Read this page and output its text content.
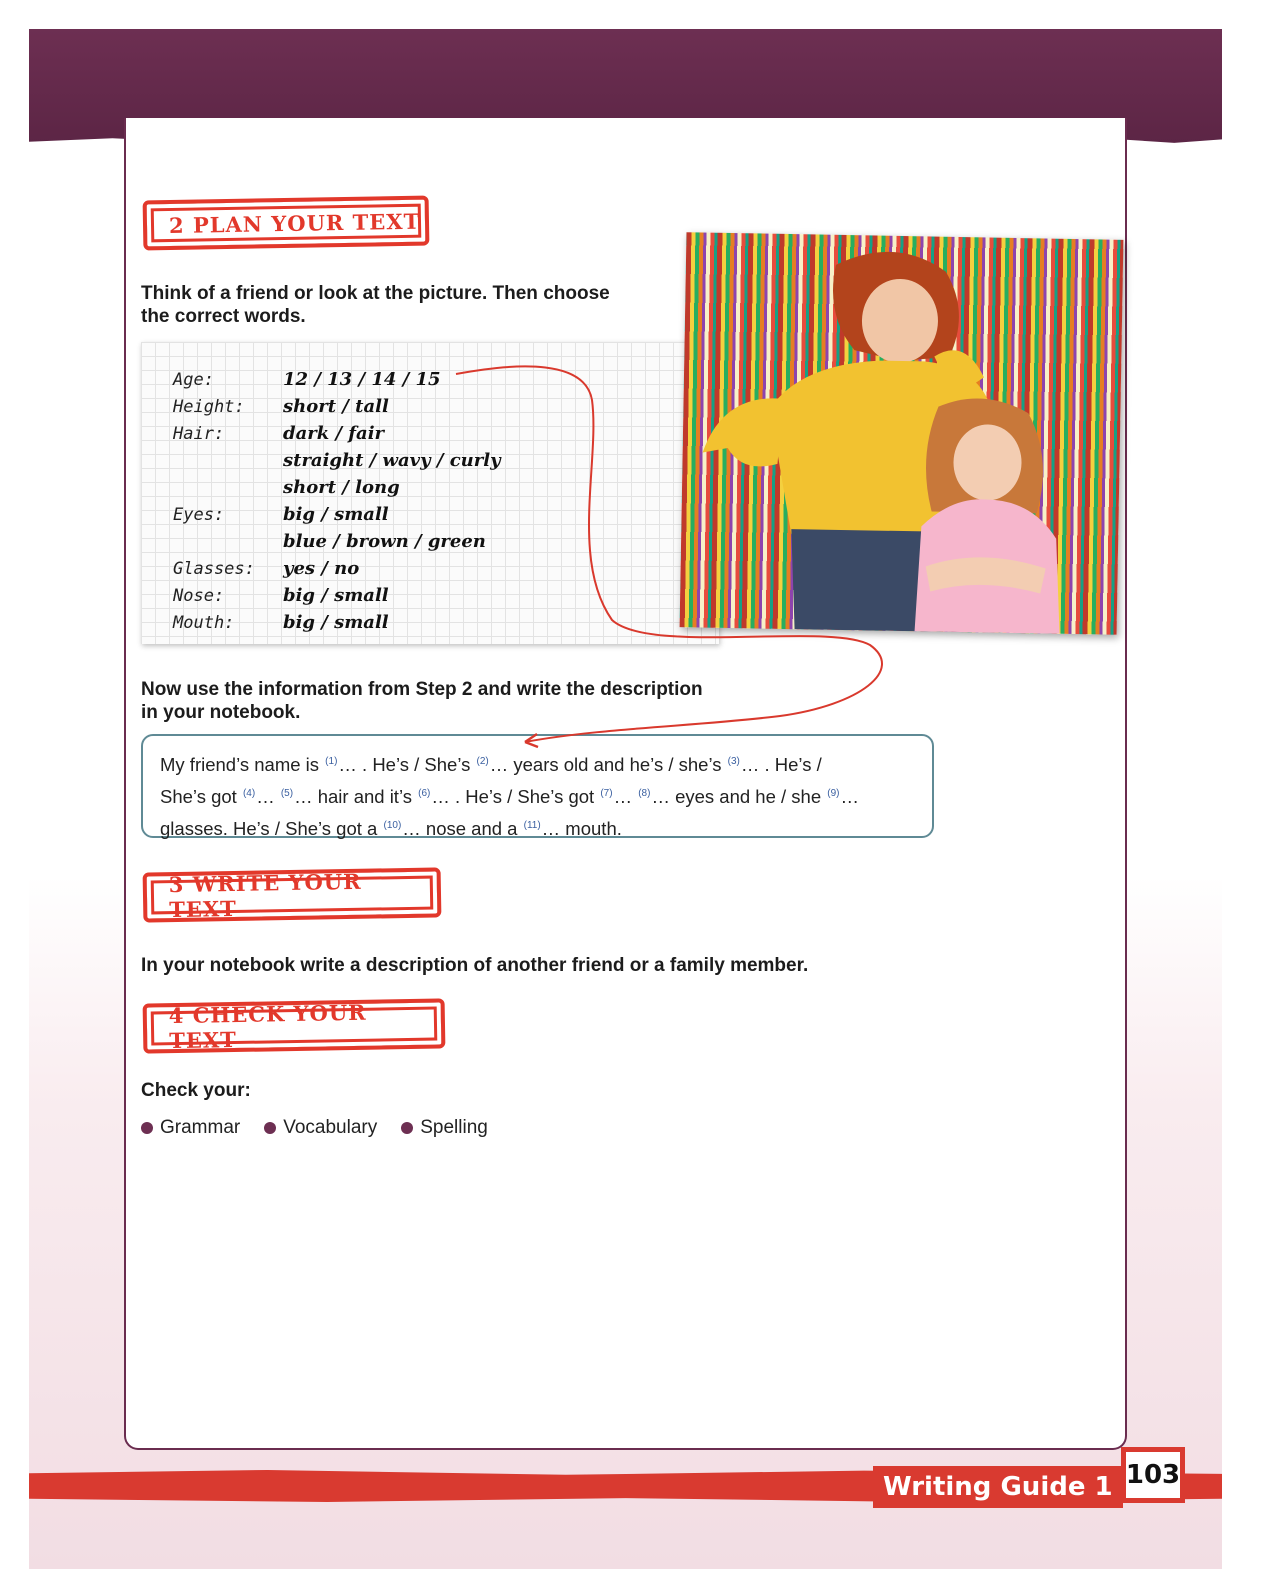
2 PLAN YOUR TEXT
Think of a friend or look at the picture. Then choose
the correct words.
Age:	12 / 13 / 14 / 15
Height:	short / tall
Hair:	dark / fair
straight / wavy / curly
short / long
Eyes:	big / small
blue / brown / green
Glasses:	yes / no
Nose:	big / small
Mouth:	big / small
Now use the information from Step 2 and write the description
in your notebook.
My friend’s name is $^{(1)}$… . He’s / She’s $^{(2)}$… years old and he’s / she’s $^{(3)}$… . He’s /
She’s got $^{(4)}$… $^{(5)}$… hair and it’s $^{(6)}$… . He’s / She’s got $^{(7)}$… $^{(8)}$… eyes and he / she $^{(9)}$…
glasses. He’s / She’s got a $^{(10)}$… nose and a $^{(11)}$… mouth.
3 WRITE YOUR TEXT
In your notebook write a description of another friend or a family member.
4 CHECK YOUR TEXT
Check your:
Grammar Vocabulary Spelling
Writing Guide 1 103
